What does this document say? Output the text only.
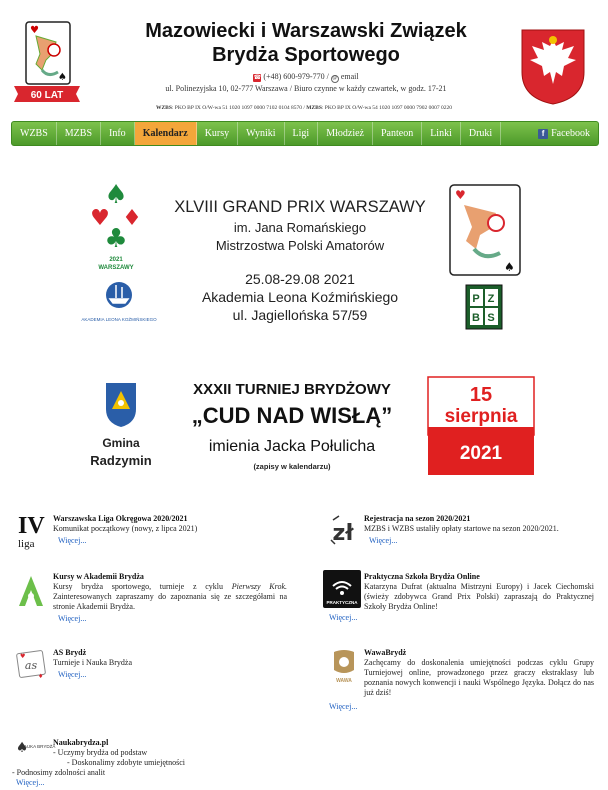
♥
♠
60 LAT
Mazowiecki i Warszawski Związek
Brydża Sportowego
☎ (+48) 600-979-770 / @ email
ul. Polinezyjska 10, 02-777 Warszawa / Biuro czynne w każdy czwartek, w godz. 17-21
WZBS: PKO BP IX O/W-wa 51 1020 1097 0000 7102 0104 8570 / MZBS: PKO BP IX O/W-wa 54 1020 1097 0000 7902 0007 0220
WZBS	MZBS	Info	Kalendarz	Kursy	Wyniki	Ligi	Młodzież	Panteon	Linki	Druki	f Facebook
♠
♥ ♦
♣
2021
WARSZAWY
AKADEMIA LEONA KOŹMIŃSKIEGO
XLVIII GRAND PRIX WARSZAWY
im. Jana Romańskiego
Mistrzostwa Polski Amatorów
25.08-29.08 2021
Akademia Leona Koźmińskiego
ul. Jagiellońska 57/59
♥
♠
P Z
B S
Gmina
Radzymin
XXXII TURNIEJ BRYDŻOWY
„CUD NAD WISŁĄ”
imienia Jacka Połulicha
(zapisy w kalendarzu)
15
sierpnia
2021
IV
liga
Warszawska Liga Okręgowa 2020/2021
Komunikat początkowy (nowy, z lipca 2021)
Więcej...	zł
Rejestracja na sezon 2020/2021
MZBS i WZBS ustaliły opłaty startowe na sezon 2020/2021.
Więcej...
Kursy w Akademii Brydża
Kursy brydża sportowego, turnieje z cyklu Pierwszy Krok. Zainteresowanych zapraszamy do zapoznania się ze szczegółami na stronie Akademii Brydża.
Więcej...
PRAKTYCZNA
Praktyczna Szkoła Brydża Online
Katarzyna Dufrat (aktualna Mistrzyni Europy) i Jacek Ciechomski (świeży zdobywca Grand Prix Polski) zapraszają do Praktycznej Szkoły Brydża Online!
Więcej...
as
♥
♦
AS Brydż
Turnieje i Nauka Brydża
Więcej...
WAWA
WawaBrydż
Zachęcamy do doskonalenia umiejętności podczas cyklu Grupy Turniejowej online, prowadzonego przez graczy ekstraklasy lub poznania nowych konwencji i nauki Wspólnego Języka. Dołącz do nas już dziś!
Więcej...
♠
NAUKA BRYDŻA
Naukabrydza.pl
- Uczymy brydża od podstaw
- Doskonalimy zdobyte umiejętności
- Podnosimy zdolności analit
Więcej...
